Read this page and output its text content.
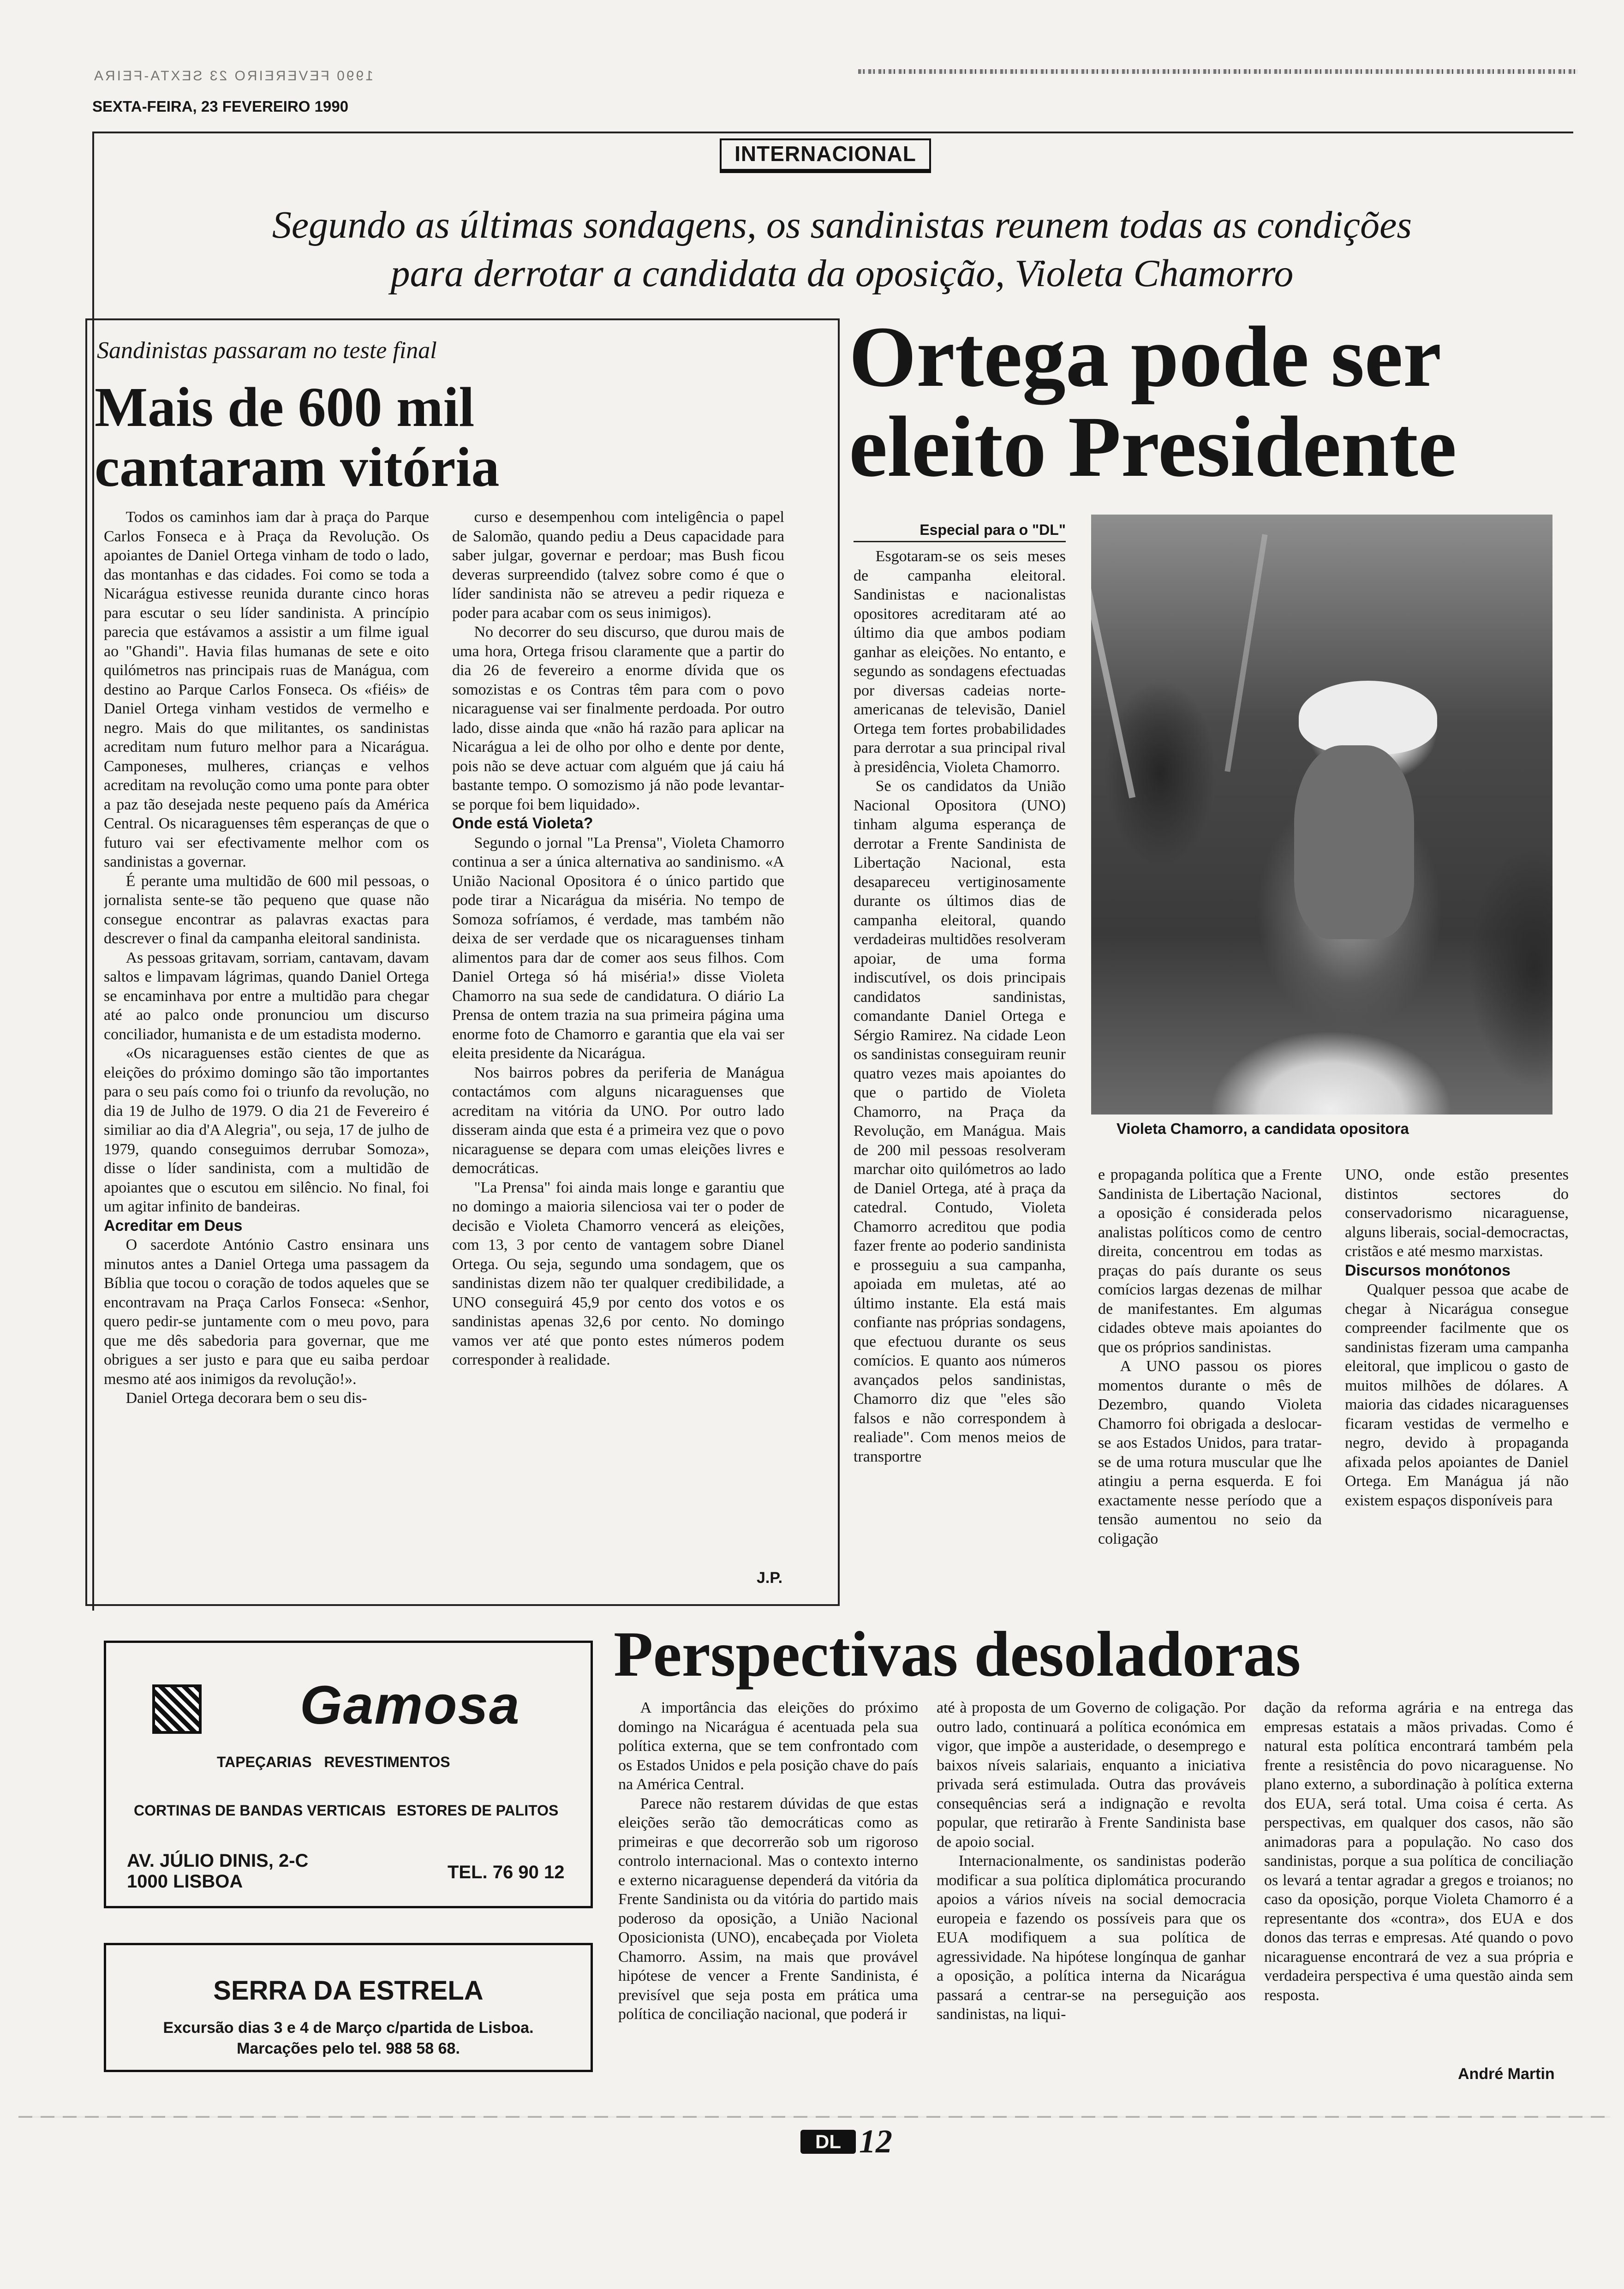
1990 FEVEREIRO 23 SEXTA-FEIRA
SEXTA-FEIRA, 23 FEVEREIRO 1990
INTERNACIONAL
Segundo as últimas sondagens, os sandinistas reunem todas as condições
para derrotar a candidata da oposição, Violeta Chamorro
Sandinistas passaram no teste final
Mais de 600 mil
cantaram vitória

Todos os caminhos iam dar à praça do Parque Carlos Fonseca e à Praça da Revolução. Os apoiantes de Daniel Ortega vinham de todo o lado, das montanhas e das cidades. Foi como se toda a Nicarágua estivesse reunida durante cinco horas para escutar o seu líder sandinista. A princípio parecia que estávamos a assistir a um filme igual ao "Ghandi". Havia filas humanas de sete e oito quilómetros nas principais ruas de Manágua, com destino ao Parque Carlos Fonseca. Os «fiéis» de Daniel Ortega vinham vestidos de vermelho e negro. Mais do que militantes, os sandinistas acreditam num futuro melhor para a Nicarágua. Camponeses, mulheres, crianças e velhos acreditam na revolução como uma ponte para obter a paz tão desejada neste pequeno país da América Central. Os nicaraguenses têm esperanças de que o futuro vai ser efectivamente melhor com os sandinistas a governar.

É perante uma multidão de 600 mil pessoas, o jornalista sente-se tão pequeno que quase não consegue encontrar as palavras exactas para descrever o final da campanha eleitoral sandinista.

As pessoas gritavam, sorriam, cantavam, davam saltos e limpavam lágrimas, quando Daniel Ortega se encaminhava por entre a multidão para chegar até ao palco onde pronunciou um discurso conciliador, humanista e de um estadista moderno.

«Os nicaraguenses estão cientes de que as eleições do próximo domingo são tão importantes para o seu país como foi o triunfo da revolução, no dia 19 de Julho de 1979. O dia 21 de Fevereiro é similiar ao dia d'A Alegria", ou seja, 17 de julho de 1979, quando conseguimos derrubar Somoza», disse o líder sandinista, com a multidão de apoiantes que o escutou em silêncio. No final, foi um agitar infinito de bandeiras.

Acreditar em Deus

O sacerdote António Castro ensinara uns minutos antes a Daniel Ortega uma passagem da Bíblia que tocou o coração de todos aqueles que se encontravam na Praça Carlos Fonseca: «Senhor, quero pedir-se juntamente com o meu povo, para que me dês sabedoria para governar, que me obrigues a ser justo e para que eu saiba perdoar mesmo até aos inimigos da revolução!».

Daniel Ortega decorara bem o seu dis-

curso e desempenhou com inteligência o papel de Salomão, quando pediu a Deus capacidade para saber julgar, governar e perdoar; mas Bush ficou deveras surpreendido (talvez sobre como é que o líder sandinista não se atreveu a pedir riqueza e poder para acabar com os seus inimigos).

No decorrer do seu discurso, que durou mais de uma hora, Ortega frisou claramente que a partir do dia 26 de fevereiro a enorme dívida que os somozistas e os Contras têm para com o povo nicaraguense vai ser finalmente perdoada. Por outro lado, disse ainda que «não há razão para aplicar na Nicarágua a lei de olho por olho e dente por dente, pois não se deve actuar com alguém que já caiu há bastante tempo. O somozismo já não pode levantar-se porque foi bem liquidado».

Onde está Violeta?

Segundo o jornal "La Prensa", Violeta Chamorro continua a ser a única alternativa ao sandinismo. «A União Nacional Opositora é o único partido que pode tirar a Nicarágua da miséria. No tempo de Somoza sofríamos, é verdade, mas também não deixa de ser verdade que os nicaraguenses tinham alimentos para dar de comer aos seus filhos. Com Daniel Ortega só há miséria!» disse Violeta Chamorro na sua sede de candidatura. O diário La Prensa de ontem trazia na sua primeira página uma enorme foto de Chamorro e garantia que ela vai ser eleita presidente da Nicarágua.

Nos bairros pobres da periferia de Manágua contactámos com alguns nicaraguenses que acreditam na vitória da UNO. Por outro lado disseram ainda que esta é a primeira vez que o povo nicaraguense se depara com umas eleições livres e democráticas.

"La Prensa" foi ainda mais longe e garantiu que no domingo a maioria silenciosa vai ter o poder de decisão e Violeta Chamorro vencerá as eleições, com 13, 3 por cento de vantagem sobre Dianel Ortega. Ou seja, segundo uma sondagem, que os sandinistas dizem não ter qualquer credibilidade, a UNO conseguirá 45,9 por cento dos votos e os sandinistas apenas 32,6 por cento. No domingo vamos ver até que ponto estes números podem corresponder à realidade.

J.P.
Ortega pode ser
eleito Presidente
Especial para o "DL"

Esgotaram-se os seis meses de campanha eleitoral. Sandinistas e nacionalistas opositores acreditaram até ao último dia que ambos podiam ganhar as eleições. No entanto, e segundo as sondagens efectuadas por diversas cadeias norte-americanas de televisão, Daniel Ortega tem fortes probabilidades para derrotar a sua principal rival à presidência, Violeta Chamorro.

Se os candidatos da União Nacional Opositora (UNO) tinham alguma esperança de derrotar a Frente Sandinista de Libertação Nacional, esta desapareceu vertiginosamente durante os últimos dias de campanha eleitoral, quando verdadeiras multidões resolveram apoiar, de uma forma indiscutível, os dois principais candidatos sandinistas, comandante Daniel Ortega e Sérgio Ramirez. Na cidade Leon os sandinistas conseguiram reunir quatro vezes mais apoiantes do que o partido de Violeta Chamorro, na Praça da Revolução, em Manágua. Mais de 200 mil pessoas resolveram marchar oito quilómetros ao lado de Daniel Ortega, até à praça da catedral. Contudo, Violeta Chamorro acreditou que podia fazer frente ao poderio sandinista e prosseguiu a sua campanha, apoiada em muletas, até ao último instante. Ela está mais confiante nas próprias sondagens, que efectuou durante os seus comícios. E quanto aos números avançados pelos sandinistas, Chamorro diz que "eles são falsos e não correspondem à realiade". Com menos meios de transportre

Violeta Chamorro, a candidata opositora

e propaganda política que a Frente Sandinista de Libertação Nacional, a oposição é considerada pelos analistas políticos como de centro direita, concentrou em todas as praças do país durante os seus comícios largas dezenas de milhar de manifestantes. Em algumas cidades obteve mais apoiantes do que os próprios sandinistas.

A UNO passou os piores momentos durante o mês de Dezembro, quando Violeta Chamorro foi obrigada a deslocar-se aos Estados Unidos, para tratar-se de uma rotura muscular que lhe atingiu a perna esquerda. E foi exactamente nesse período que a tensão aumentou no seio da coligação

UNO, onde estão presentes distintos sectores do conservadorismo nicaraguense, alguns liberais, social-democractas, cristãos e até mesmo marxistas.

Discursos monótonos

Qualquer pessoa que acabe de chegar à Nicarágua consegue compreender facilmente que os sandinistas fizeram uma campanha eleitoral, que implicou o gasto de muitos milhões de dólares. A maioria das cidades nicaraguenses ficaram vestidas de vermelho e negro, devido à propaganda afixada pelos apoiantes de Daniel Ortega. Em Manágua já não existem espaços disponíveis para

Gamosa
TAPEÇARIAS   REVESTIMENTOS
CORTINAS DE BANDAS VERTICAIS ESTORES DE PALITOS
AV. JÚLIO DINIS, 2-C
1000 LISBOA	TEL. 76 90 12
SERRA DA ESTRELA
Excursão dias 3 e 4 de Março c/partida de Lisboa.
Marcações pelo tel. 988 58 68.
Perspectivas desoladoras

A importância das eleições do próximo domingo na Nicarágua é acentuada pela sua política externa, que se tem confrontado com os Estados Unidos e pela posição chave do país na América Central.

Parece não restarem dúvidas de que estas eleições serão tão democráticas como as primeiras e que decorrerão sob um rigoroso controlo internacional. Mas o contexto interno e externo nicaraguense dependerá da vitória da Frente Sandinista ou da vitória do partido mais poderoso da oposição, a União Nacional Oposicionista (UNO), encabeçada por Violeta Chamorro. Assim, na mais que provável hipótese de vencer a Frente Sandinista, é previsível que seja posta em prática uma política de conciliação nacional, que poderá ir

até à proposta de um Governo de coligação. Por outro lado, continuará a política económica em vigor, que impõe a austeridade, o desemprego e baixos níveis salariais, enquanto a iniciativa privada será estimulada. Outra das prováveis consequências será a indignação e revolta popular, que retirarão à Frente Sandinista base de apoio social.

Internacionalmente, os sandinistas poderão modificar a sua política diplomática procurando apoios a vários níveis na social democracia europeia e fazendo os possíveis para que os EUA modifiquem a sua política de agressividade. Na hipótese longínqua de ganhar a oposição, a política interna da Nicarágua passará a centrar-se na perseguição aos sandinistas, na liqui-

dação da reforma agrária e na entrega das empresas estatais a mãos privadas. Como é natural esta política encontrará também pela frente a resistência do povo nicaraguense. No plano externo, a subordinação à política externa dos EUA, será total. Uma coisa é certa. As perspectivas, em qualquer dos casos, não são animadoras para a população. No caso dos sandinistas, porque a sua política de conciliação os levará a tentar agradar a gregos e troianos; no caso da oposição, porque Violeta Chamorro é a representante dos «contra», dos EUA e dos donos das terras e empresas. Até quando o povo nicaraguense encontrará de vez a sua própria e verdadeira perspectiva é uma questão ainda sem resposta.

André Martin
DL 12
